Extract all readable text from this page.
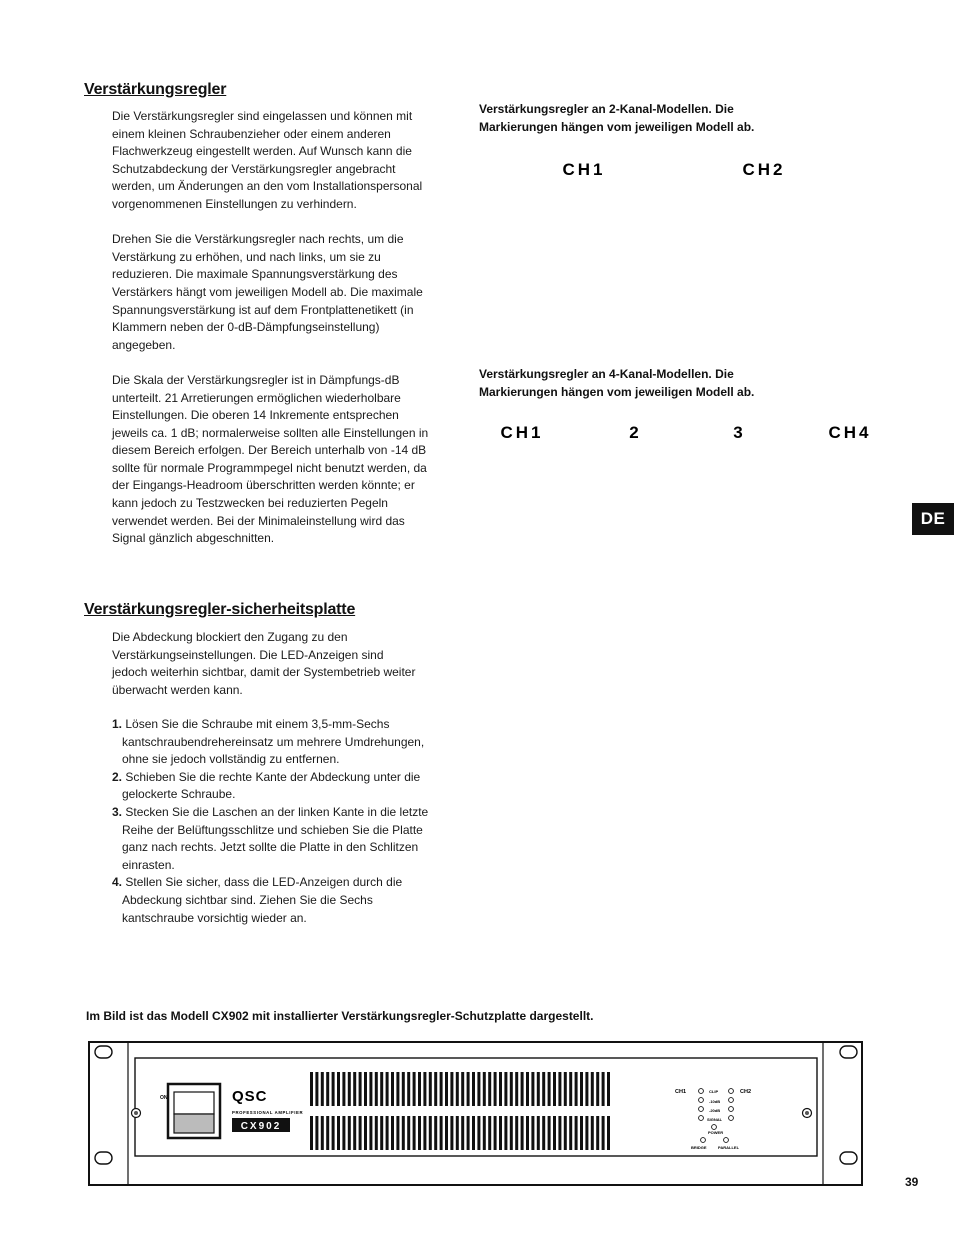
Verstärkungsregler

Die Verstärkungsregler sind eingelassen und können mit einem kleinen Schraubenzieher oder einem anderen Flachwerkzeug eingestellt werden. Auf Wunsch kann die Schutzabdeckung der Verstärkungsregler angebracht werden, um Änderungen an den vom Installationspersonal vorgenommenen Einstellungen zu verhindern.

Drehen Sie die Verstärkungsregler nach rechts, um die Verstärkung zu erhöhen, und nach links, um sie zu reduzieren. Die maximale Spannungsverstärkung des Verstärkers hängt vom jeweiligen Modell ab. Die maximale Spannungsverstärkung ist auf dem Frontplattenetikett (in Klammern neben der 0-dB-Dämpfungseinstellung) angegeben.

Die Skala der Verstärkungsregler ist in Dämpfungs-dB unterteilt. 21 Arretierungen ermöglichen wiederholbare Einstellungen. Die oberen 14 Inkremente entsprechen jeweils ca. 1 dB; normalerweise sollten alle Einstellungen in diesem Bereich erfolgen. Der Bereich unterhalb von -14 dB sollte für normale Programmpegel nicht benutzt werden, da der Eingangs-Headroom überschritten werden könnte; er kann jedoch zu Testzwecken bei reduzierten Pegeln verwendet werden. Bei der Minimaleinstellung wird das Signal gänzlich abgeschnitten.

Verstärkungsregler-sicherheitsplatte
Die Abdeckung blockiert den Zugang zu den Verstärkungseinstellungen. Die LED-Anzeigen sind jedoch weiterhin sichtbar, damit der Systembetrieb weiter überwacht werden kann.
1. Lösen Sie die Schraube mit einem 3,5-mm-Sechs
kantschraubendrehereinsatz um mehrere Umdrehungen,
ohne sie jedoch vollständig zu entfernen.
2. Schieben Sie die rechte Kante der Abdeckung unter die
gelockerte Schraube.
3. Stecken Sie die Laschen an der linken Kante in die letzte
Reihe der Belüftungsschlitze und schieben Sie die Platte
ganz nach rechts. Jetzt sollte die Platte in den Schlitzen
einrasten.
4. Stellen Sie sicher, dass die LED-Anzeigen durch die
Abdeckung sichtbar sind. Ziehen Sie die Sechs
kantschraube vorsichtig wieder an.
Verstärkungsregler an 2-Kanal-Modellen. Die
Markierungen hängen vom jeweiligen Modell ab.
Verstärkungsregler an 4-Kanal-Modellen. Die
Markierungen hängen vom jeweiligen Modell ab.
CH1	CH2
CH1	2	3	CH4
DE
Im Bild ist das Modell CX902 mit installierter Verstärkungsregler-Schutzplatte dargestellt.
ON	QSC
PROFESSIONAL AMPLIFIER
CX902
CH1	CH2
POWER
BRIDGE	PARALLEL
CLIP
-10dB
-20dB
SIGNAL
39
